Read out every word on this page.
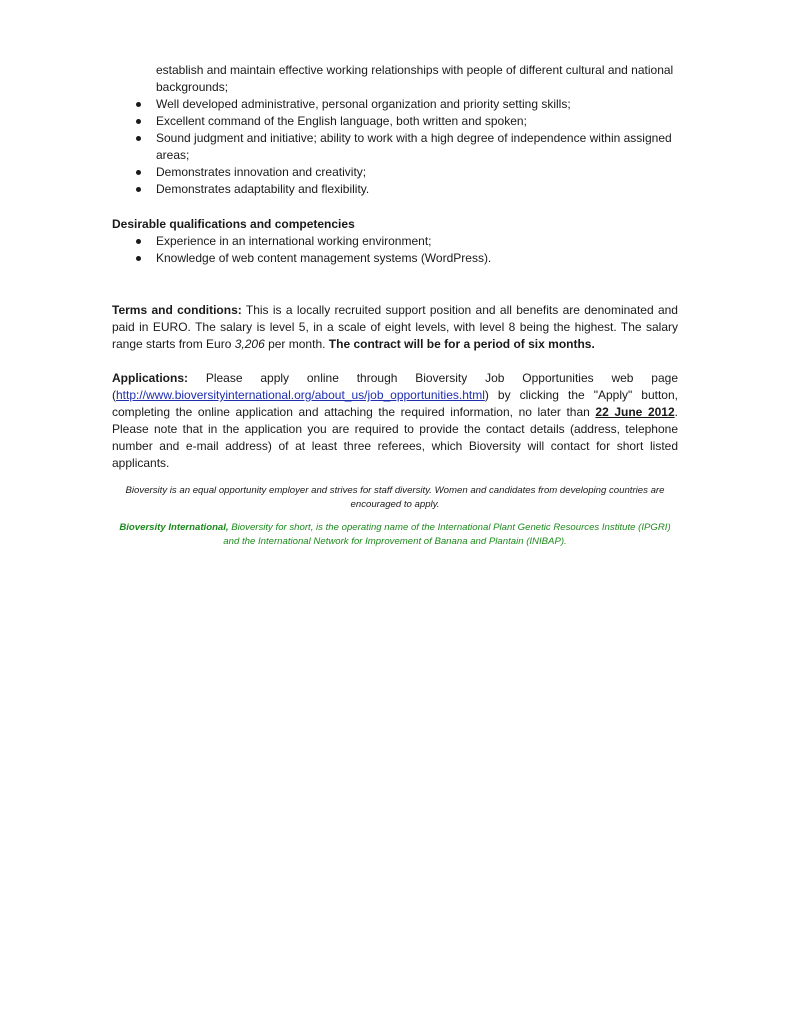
establish and maintain effective working relationships with people of different cultural and national backgrounds;
Well developed administrative, personal organization and priority setting skills;
Excellent command of the English language, both written and spoken;
Sound judgment and initiative; ability to work with a high degree of independence within assigned areas;
Demonstrates innovation and creativity;
Demonstrates adaptability and flexibility.
Desirable qualifications and competencies
Experience in an international working environment;
Knowledge of web content management systems (WordPress).

Terms and conditions: This is a locally recruited support position and all benefits are denominated and paid in EURO. The salary is level 5, in a scale of eight levels, with level 8 being the highest. The salary range starts from Euro 3,206 per month. The contract will be for a period of six months.

Applications: Please apply online through Bioversity Job Opportunities web page (http://www.bioversityinternational.org/about_us/job_opportunities.html) by clicking the "Apply" button, completing the online application and attaching the required information, no later than 22 June 2012. Please note that in the application you are required to provide the contact details (address, telephone number and e-mail address) of at least three referees, which Bioversity will contact for short listed applicants.

Bioversity is an equal opportunity employer and strives for staff diversity. Women and candidates from developing countries are encouraged to apply.

Bioversity International, Bioversity for short, is the operating name of the International Plant Genetic Resources Institute (IPGRI) and the International Network for Improvement of Banana and Plantain (INIBAP).
